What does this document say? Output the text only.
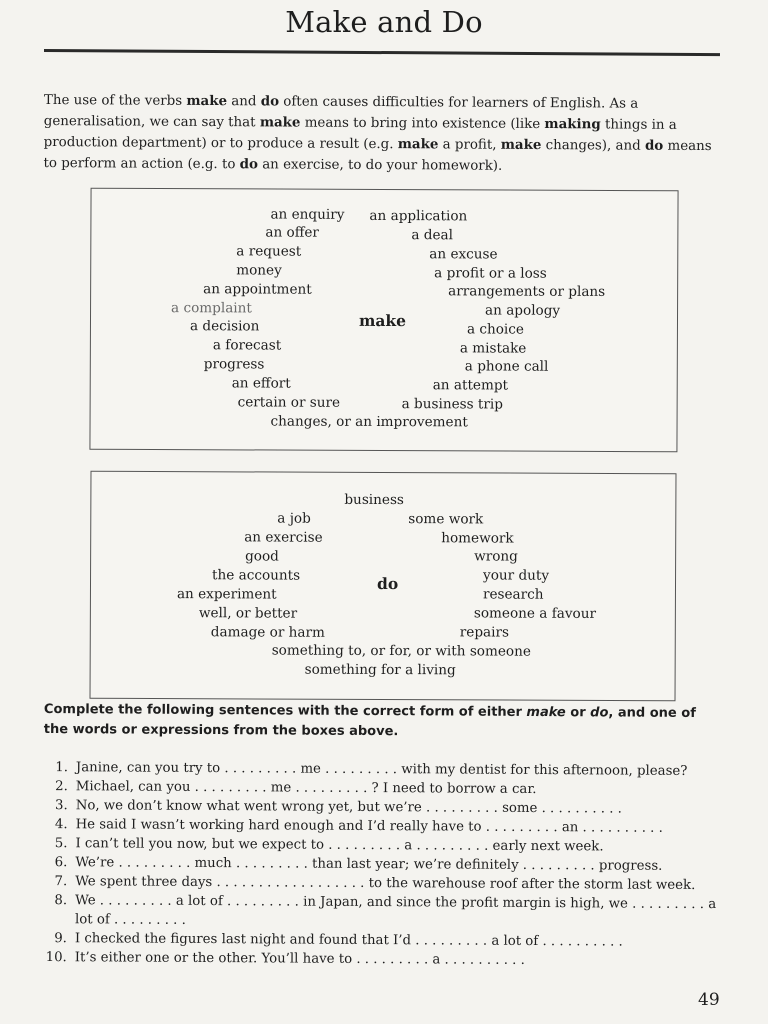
Make and Do

The use of the verbs make and do often causes difficulties for learners of English. As a generalisation, we can say that make means to bring into existence (like making things in a production department) or to produce a result (e.g. make a profit, make changes), and do means to perform an action (e.g. to do an exercise, to do your homework).

an enquiry an application
an offer	a deal
a request	an excuse
money	a profit or a loss
an appointment	arrangements or plans
a complaint	an apology
a decision	a choice
a forecast	a mistake
progress	a phone call
an effort	an attempt
certain or sure	a business trip
changes, or an improvement
make
business
a job	some work
an exercise	homework
good	wrong
the accounts	your duty
an experiment	research
well, or better	someone a favour
damage or harm	repairs
something to, or for, or with someone
something for a living
do
Complete the following sentences with the correct form of either make or do, and one of the words or expressions from the boxes above.
1. Janine, can you try to . . . . . . . . . me . . . . . . . . . with my dentist for this afternoon, please?
2. Michael, can you . . . . . . . . . me . . . . . . . . . ? I need to borrow a car.
3. No, we don’t know what went wrong yet, but we’re . . . . . . . . . some . . . . . . . . . .
4. He said I wasn’t working hard enough and I’d really have to . . . . . . . . . an . . . . . . . . . .
5. I can’t tell you now, but we expect to . . . . . . . . . a . . . . . . . . . early next week.
6. We’re . . . . . . . . . much . . . . . . . . . than last year; we’re definitely . . . . . . . . . progress.
7. We spent three days . . . . . . . . . . . . . . . . . . to the warehouse roof after the storm last week.
8. We . . . . . . . . . a lot of . . . . . . . . . in Japan, and since the profit margin is high, we . . . . . . . . . a lot of . . . . . . . . .
9. I checked the figures last night and found that I’d . . . . . . . . . a lot of . . . . . . . . . .
10. It’s either one or the other. You’ll have to . . . . . . . . . a . . . . . . . . . .
49
